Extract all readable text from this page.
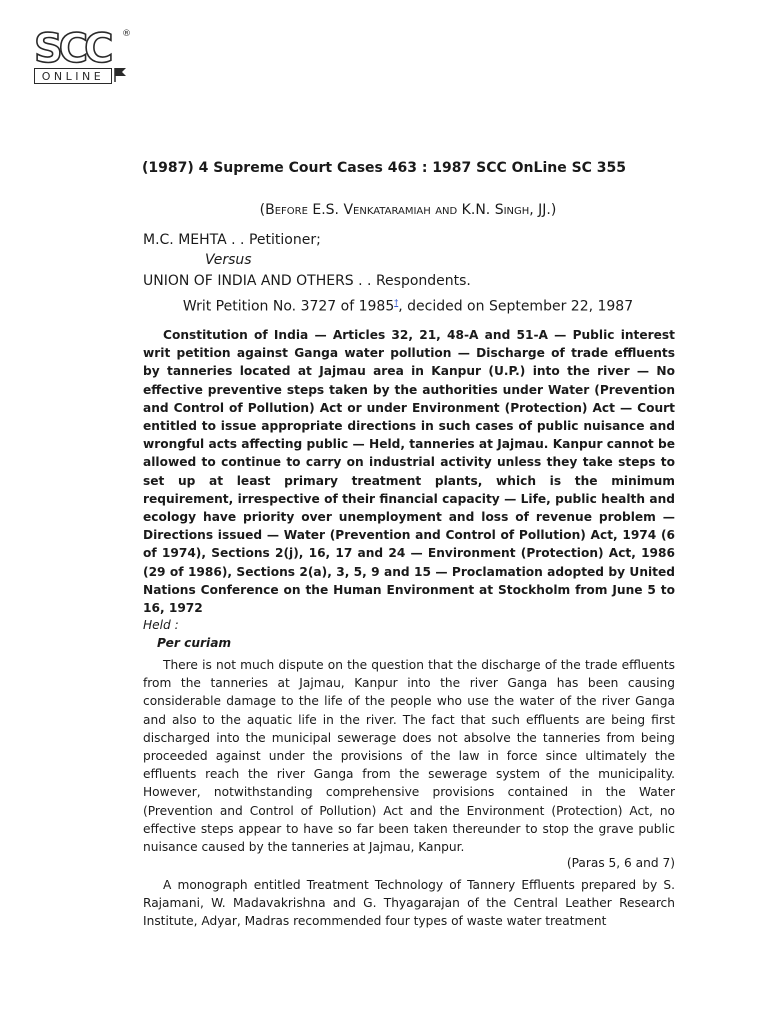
SCC ®
ONLINE
(1987) 4 Supreme Court Cases 463 : 1987 SCC OnLine SC 355
(Before E.S. Venkataramiah and K.N. Singh, JJ.)
M.C. MEHTA . . Petitioner;
Versus
UNION OF INDIA AND OTHERS . . Respondents.
Writ Petition No. 3727 of 1985†, decided on September 22, 1987

Constitution of India — Articles 32, 21, 48-A and 51-A — Public interest writ petition against Ganga water pollution — Discharge of trade effluents by tanneries located at Jajmau area in Kanpur (U.P.) into the river — No effective preventive steps taken by the authorities under Water (Prevention and Control of Pollution) Act or under Environment (Protection) Act — Court entitled to issue appropriate directions in such cases of public nuisance and wrongful acts affecting public — Held, tanneries at Jajmau. Kanpur cannot be allowed to continue to carry on industrial activity unless they take steps to set up at least primary treatment plants, which is the minimum requirement, irrespective of their financial capacity — Life, public health and ecology have priority over unemployment and loss of revenue problem — Directions issued — Water (Prevention and Control of Pollution) Act, 1974 (6 of 1974), Sections 2(j), 16, 17 and 24 — Environment (Protection) Act, 1986 (29 of 1986), Sections 2(a), 3, 5, 9 and 15 — Proclamation adopted by United Nations Conference on the Human Environment at Stockholm from June 5 to 16, 1972

Held :
Per curiam

There is not much dispute on the question that the discharge of the trade effluents from the tanneries at Jajmau, Kanpur into the river Ganga has been causing considerable damage to the life of the people who use the water of the river Ganga and also to the aquatic life in the river. The fact that such effluents are being first discharged into the municipal sewerage does not absolve the tanneries from being proceeded against under the provisions of the law in force since ultimately the effluents reach the river Ganga from the sewerage system of the municipality. However, notwithstanding comprehensive provisions contained in the Water (Prevention and Control of Pollution) Act and the Environment (Protection) Act, no effective steps appear to have so far been taken thereunder to stop the grave public nuisance caused by the tanneries at Jajmau, Kanpur.

(Paras 5, 6 and 7)

A monograph entitled Treatment Technology of Tannery Effluents prepared by S. Rajamani, W. Madavakrishna and G. Thyagarajan of the Central Leather Research Institute, Adyar, Madras recommended four types of waste water treatment
